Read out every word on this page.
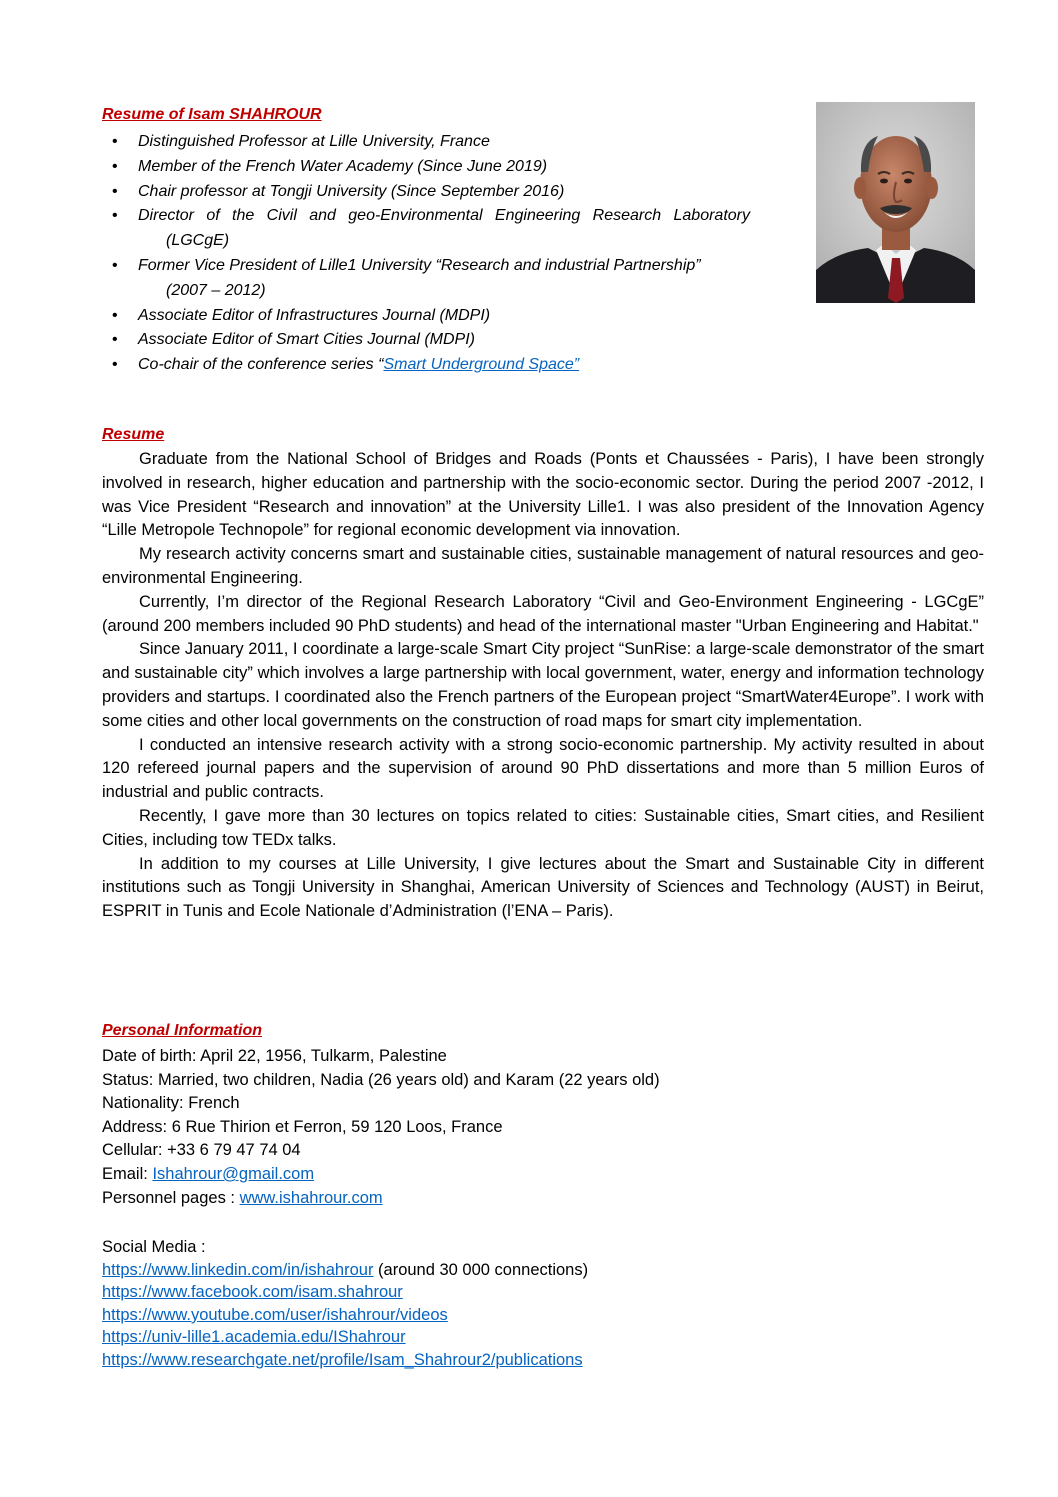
Resume of Isam SHAHROUR
• Distinguished Professor at Lille University, France
• Member of the French Water Academy (Since June 2019)
• Chair professor at Tongji University (Since September 2016)
• Director of the Civil and geo-Environmental Engineering Research Laboratory
(LGCgE)
• Former Vice President of Lille1 University “Research and industrial Partnership”
(2007 – 2012)
• Associate Editor of Infrastructures Journal (MDPI)
• Associate Editor of Smart Cities Journal (MDPI)
• Co-chair of the conference series “Smart Underground Space”
Resume

Graduate from the National School of Bridges and Roads (Ponts et Chaussées - Paris), I have been strongly involved in research, higher education and partnership with the socio-economic sector. During the period 2007 -2012, I was Vice President “Research and innovation” at the University Lille1. I was also president of the Innovation Agency “Lille Metropole Technopole” for regional economic development via innovation.

My research activity concerns smart and sustainable cities, sustainable management of natural resources and geo-environmental Engineering.

Currently, I’m director of the Regional Research Laboratory “Civil and Geo-Environment Engineering - LGCgE” (around 200 members included 90 PhD students) and head of the international master "Urban Engineering and Habitat."

Since January 2011, I coordinate a large-scale Smart City project “SunRise: a large-scale demonstrator of the smart and sustainable city” which involves a large partnership with local government, water, energy and information technology providers and startups. I coordinated also the French partners of the European project “SmartWater4Europe”. I work with some cities and other local governments on the construction of road maps for smart city implementation.

I conducted an intensive research activity with a strong socio-economic partnership. My activity resulted in about 120 refereed journal papers and the supervision of around 90 PhD dissertations and more than 5 million Euros of industrial and public contracts.

Recently, I gave more than 30 lectures on topics related to cities: Sustainable cities, Smart cities, and Resilient Cities, including tow TEDx talks.

In addition to my courses at Lille University, I give lectures about the Smart and Sustainable City in different institutions such as Tongji University in Shanghai, American University of Sciences and Technology (AUST) in Beirut, ESPRIT in Tunis and Ecole Nationale d’Administration (l’ENA – Paris).

Personal Information
Date of birth: April 22, 1956, Tulkarm, Palestine
Status: Married, two children, Nadia (26 years old) and Karam (22 years old)
Nationality: French
Address: 6 Rue Thirion et Ferron, 59 120 Loos, France
Cellular: +33 6 79 47 74 04
Email: Ishahrour@gmail.com
Personnel pages : www.ishahrour.com
Social Media :
https://www.linkedin.com/in/ishahrour (around 30 000 connections)
https://www.facebook.com/isam.shahrour
https://www.youtube.com/user/ishahrour/videos
https://univ-lille1.academia.edu/IShahrour
https://www.researchgate.net/profile/Isam_Shahrour2/publications
